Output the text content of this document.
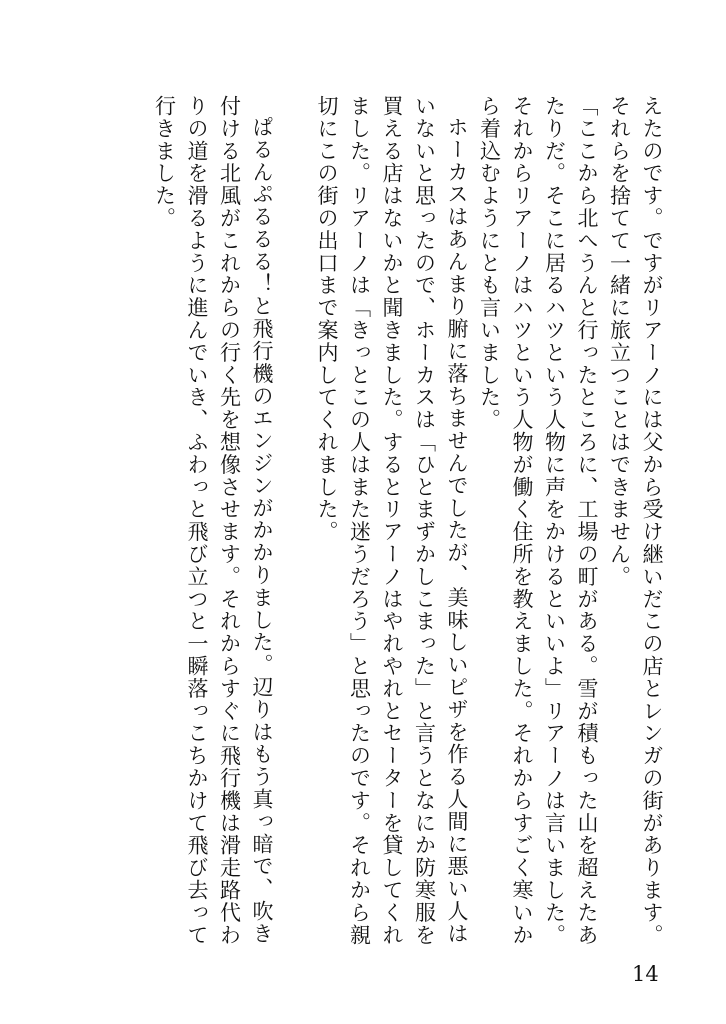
えたのです。ですがリアーノには父から受け継いだこの店とレンガの街があります。それらを捨てて一緒に旅立つことはできません。

「ここから北へうんと行ったところに、工場の町がある。雪が積もった山を超えたあたりだ。そこに居るハツという人物に声をかけるといいよ」リアーノは言いました。それからリアーノはハツという人物が働く住所を教えました。それからすごく寒いから着込むようにとも言いました。

ホーカスはあんまり腑に落ちませんでしたが、美味しいピザを作る人間に悪い人はいないと思ったので、ホーカスは「ひとまずかしこまった」と言うとなにか防寒服を買える店はないかと聞きました。するとリアーノはやれやれとセーターを貸してくれました。リアーノは「きっとこの人はまた迷うだろう」と思ったのです。それから親切にこの街の出口まで案内してくれました。

ぱるんぷるるる！と飛行機のエンジンがかかりました。辺りはもう真っ暗で、吹き付ける北風がこれからの行く先を想像させます。それからすぐに飛行機は滑走路代わりの道を滑るように進んでいき、ふわっと飛び立つと一瞬落っこちかけて飛び去って行きました。

14
